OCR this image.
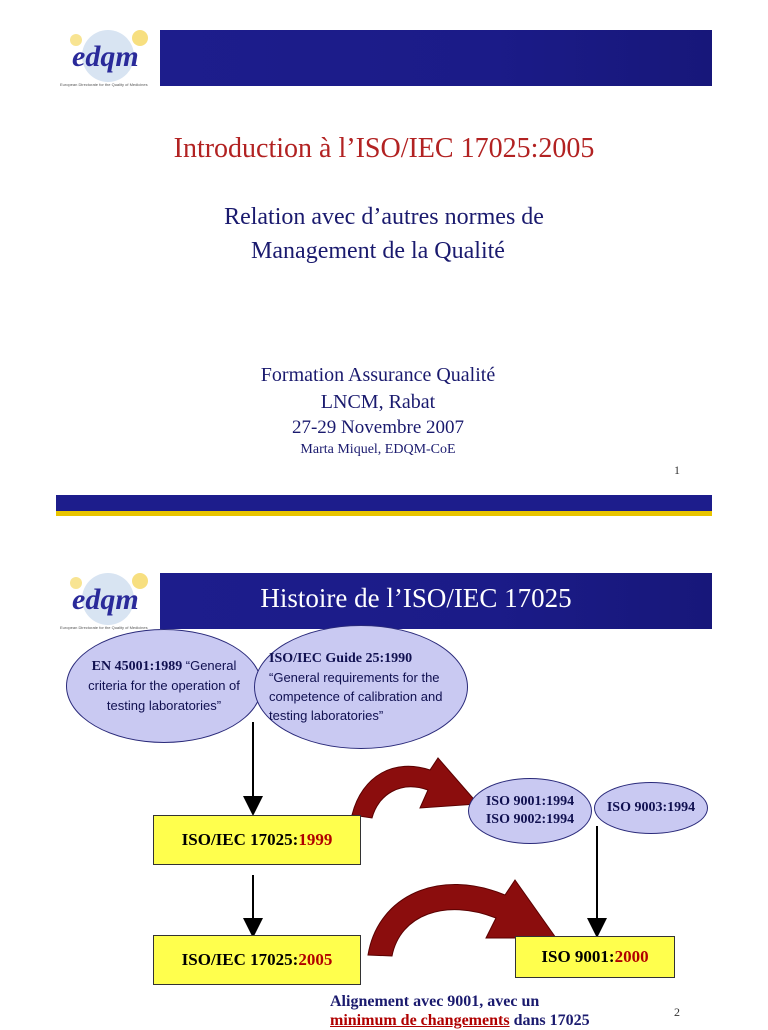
edqm
European Directorate for the Quality of Medicines
Introduction à l’ISO/IEC 17025:2005
Relation avec d’autres normes de
Management de la Qualité
Formation Assurance Qualité
LNCM, Rabat
27-29 Novembre 2007
Marta Miquel, EDQM-CoE
1
edqm
European Directorate for the Quality of Medicines
Histoire de l’ISO/IEC 17025
EN 45001:1989 “General criteria for the operation of testing laboratories”
ISO/IEC Guide 25:1990
“General requirements for the competence of calibration and testing laboratories”
ISO 9001:1994
ISO 9002:1994
ISO 9003:1994
ISO/IEC 17025: 1999
ISO/IEC 17025: 2005	ISO 9001: 2000
Alignement avec 9001, avec un
minimum de changements dans 17025	2
